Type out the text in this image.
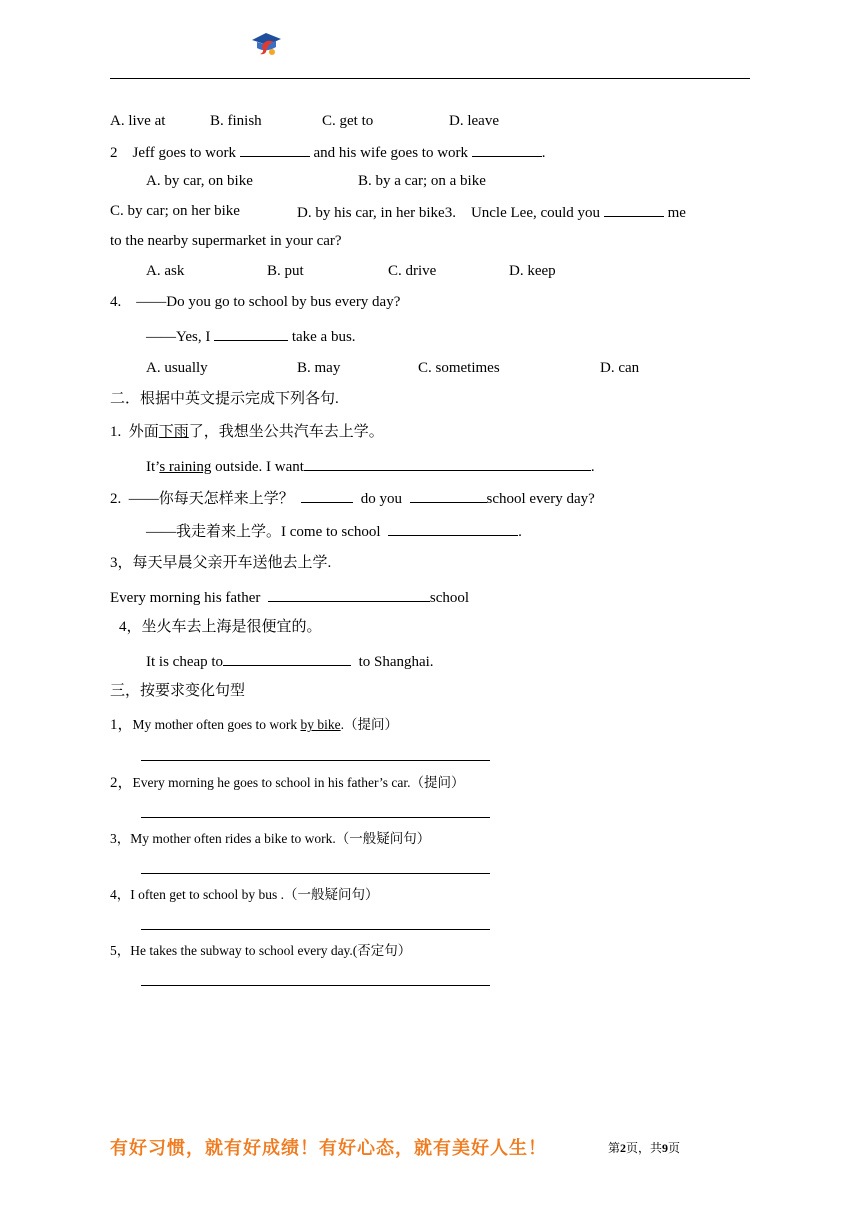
A. live at	B. finish	C. get to	D. leave
2    Jeff goes to work	and his wife goes to work	.
A. by car, on bike	B. by a car; on a bike
C. by car; on her bike	D. by his car, in her bike3.    Uncle Lee, could you	me
to the nearby supermarket in your car?
A. ask	B. put	C. drive	D. keep
4.    ——Do you go to school by bus every day?
——Yes, I	take a bus.
A. usually	B. may	C. sometimes	D. can
二．根据中英文提示完成下列各句.
1.  外面下雨了，我想坐公共汽车去上学。
It’s raining outside. I want	.
2.  ——你每天怎样来上学？	do you	school every day?
——我走着来上学。I come to school	.
3，每天早晨父亲开车送他去上学.
Every morning his father	school
4，坐火车去上海是很便宜的。
It is cheap to	to Shanghai.
三，按要求变化句型
1，My mother often goes to work by bike.（提问）
2，Every morning he goes to school in his father’s car.（提问）
3，My mother often rides a bike to work.（一般疑问句）
4，I often get to school by bus .（一般疑问句）
5，He takes the subway to school every day.(否定句）
有好习惯，就有好成绩！有好心态，就有美好人生！	第2页，共9页
